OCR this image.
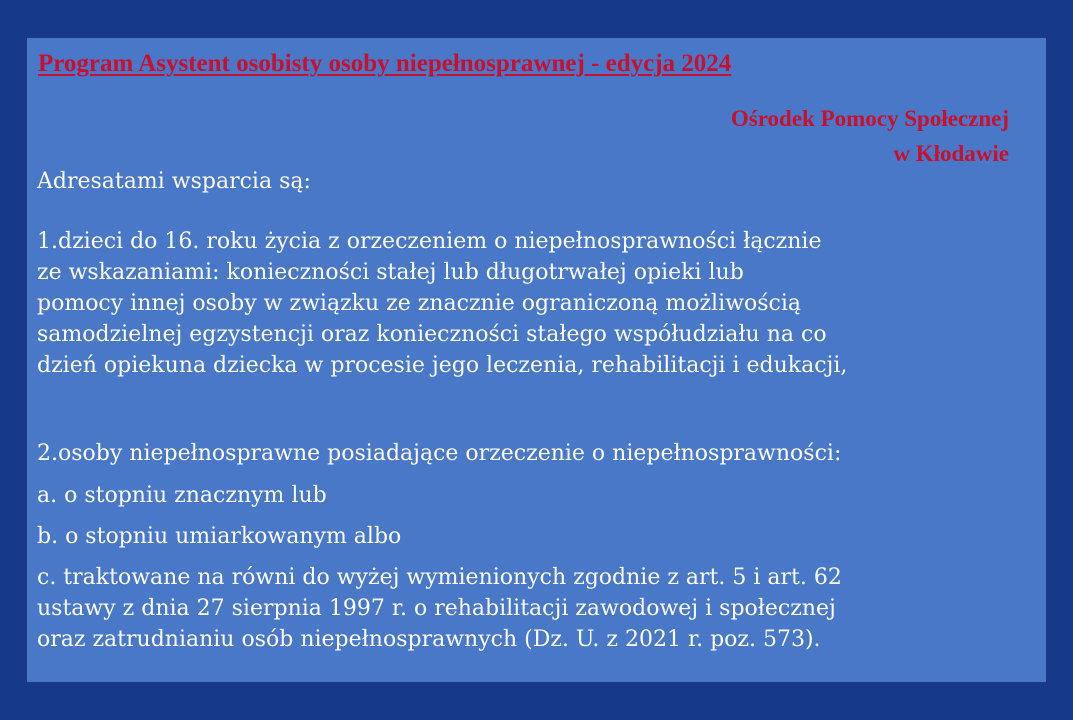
Program Asystent osobisty osoby niepełnosprawnej - edycja 2024
Ośrodek Pomocy Społecznej
w Kłodawie
Adresatami wsparcia są:
1.dzieci do 16. roku życia z orzeczeniem o niepełnosprawności łącznie
ze wskazaniami: konieczności stałej lub długotrwałej opieki lub
pomocy innej osoby w związku ze znacznie ograniczoną możliwością
samodzielnej egzystencji oraz konieczności stałego współudziału na co
dzień opiekuna dziecka w procesie jego leczenia, rehabilitacji i edukacji,
2.osoby niepełnosprawne posiadające orzeczenie o niepełnosprawności:
a. o stopniu znacznym lub
b. o stopniu umiarkowanym albo
c. traktowane na równi do wyżej wymienionych zgodnie z art. 5 i art. 62
ustawy z dnia 27 sierpnia 1997 r. o rehabilitacji zawodowej i społecznej
oraz zatrudnianiu osób niepełnosprawnych (Dz. U. z 2021 r. poz. 573).
